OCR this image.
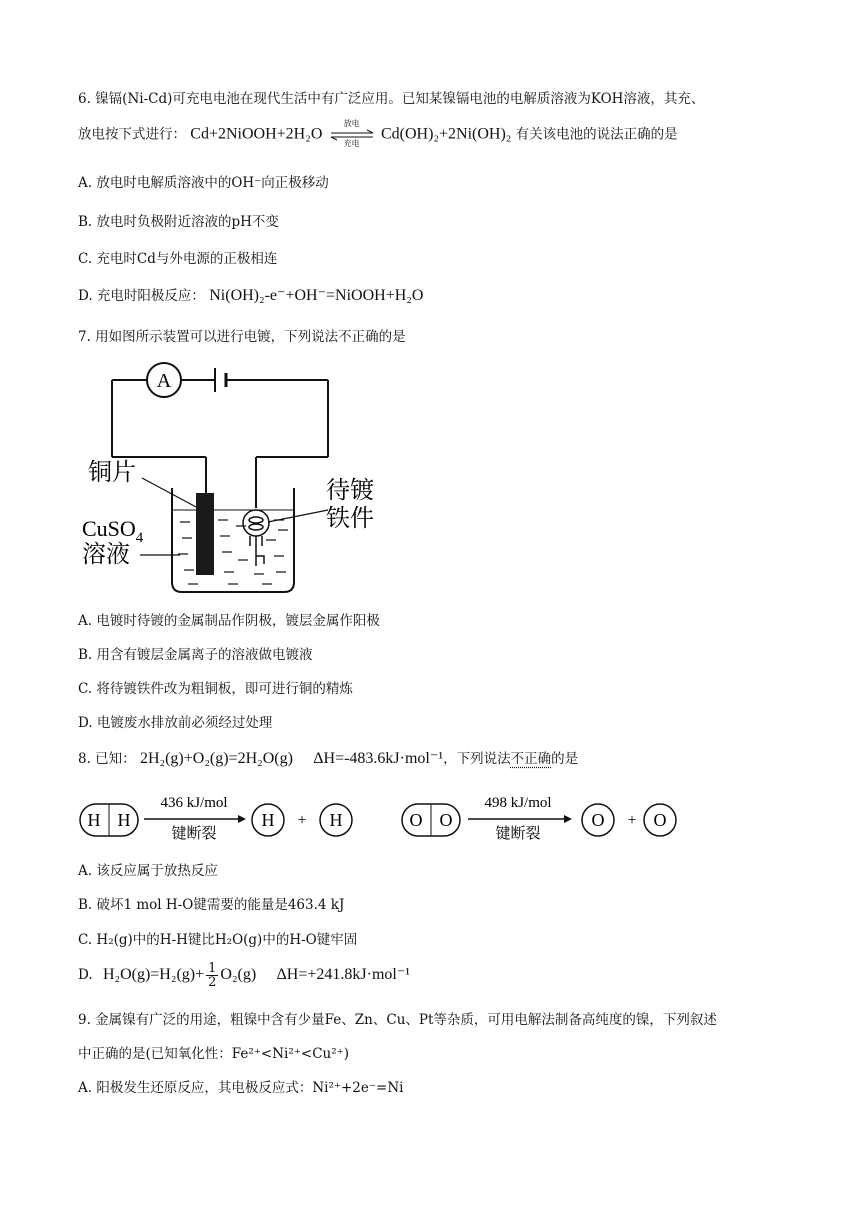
6. 镍镉(Ni-Cd)可充电电池在现代生活中有广泛应用。已知某镍镉电池的电解质溶液为KOH溶液，其充、
放电按下式进行： Cd+2NiOOH+2H₂O
放电
充电
Cd(OH)₂+2Ni(OH)₂ 有关该电池的说法正确的是
A. 放电时电解质溶液中的OH⁻向正极移动
B. 放电时负极附近溶液的pH不变
C. 充电时Cd与外电源的正极相连
D. 充电时阳极反应： Ni(OH)₂-e⁻+OH⁻=NiOOH+H₂O
7. 用如图所示装置可以进行电镀，下列说法不正确的是
A
铜片
CuSO$_4$
溶液
待镀
铁件
A. 电镀时待镀的金属制品作阴极，镀层金属作阳极
B. 用含有镀层金属离子的溶液做电镀液
C. 将待镀铁件改为粗铜板，即可进行铜的精炼
D. 电镀废水排放前必须经过处理
8. 已知： 2H₂(g)+O₂(g)=2H₂O(g) ΔH=-483.6kJ·mol⁻¹，下列说法不正确的是
H H
436 kJ/mol
键断裂
H + H	O O
498 kJ/mol
键断裂
O + O
A. 该反应属于放热反应
B. 破坏1 mol H-O键需要的能量是463.4 kJ
C. H₂(g)中的H-H键比H₂O(g)中的H-O键牢固
D. $H_2O(g)=H_2(g)+ \frac{1}{2} O_2(g)$ ΔH=+241.8kJ·mol⁻¹
9. 金属镍有广泛的用途，粗镍中含有少量Fe、Zn、Cu、Pt等杂质，可用电解法制备高纯度的镍，下列叙述
中正确的是(已知氧化性：Fe²⁺<Ni²⁺<Cu²⁺)
A. 阳极发生还原反应，其电极反应式：Ni²⁺+2e⁻=Ni
